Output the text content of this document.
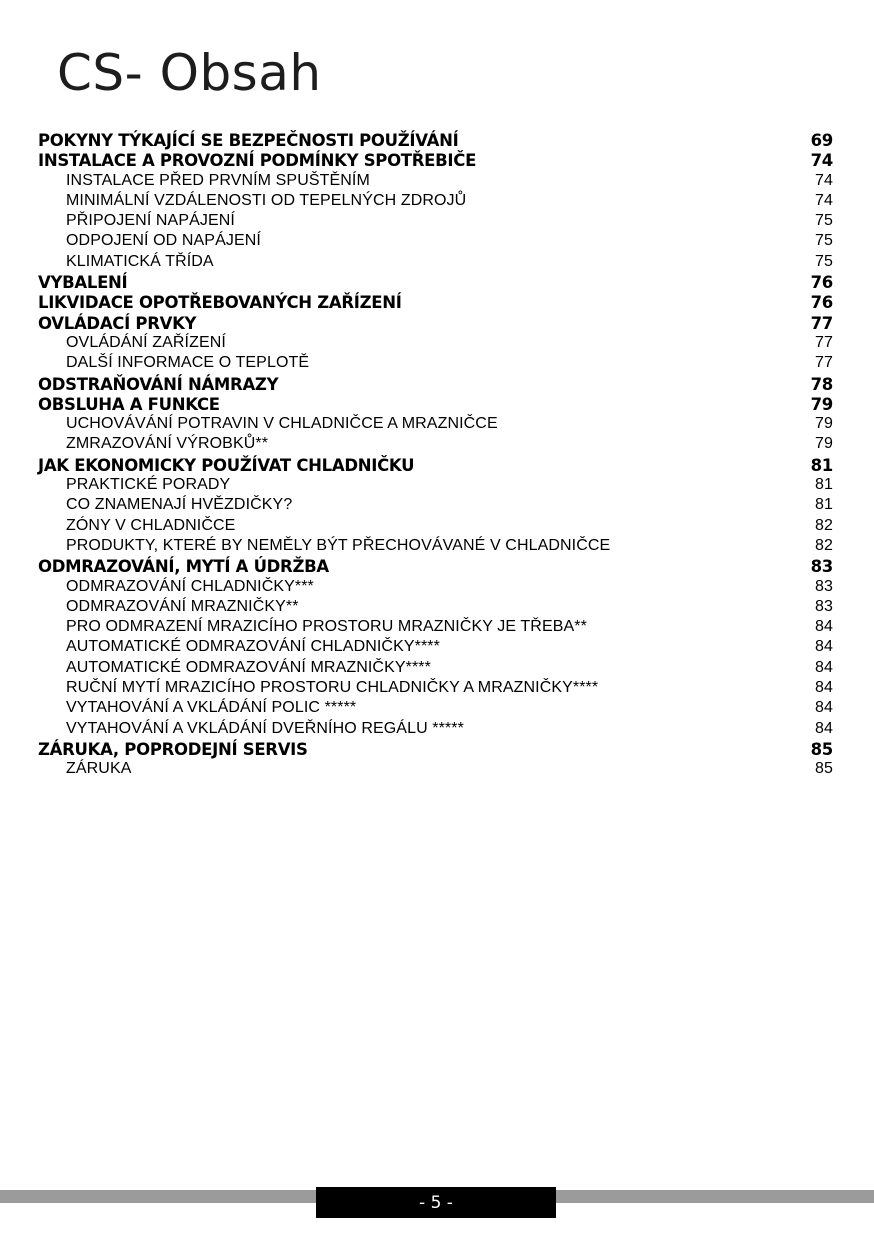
CS- Obsah
POKYNY TÝKAJÍCÍ SE BEZPEČNOSTI POUŽÍVÁNÍ	69
INSTALACE A PROVOZNÍ PODMÍNKY SPOTŘEBIČE	74
INSTALACE PŘED PRVNÍM SPUŠTĚNÍM	74
MINIMÁLNÍ VZDÁLENOSTI OD TEPELNÝCH ZDROJŮ	74
PŘIPOJENÍ NAPÁJENÍ	75
ODPOJENÍ OD NAPÁJENÍ	75
KLIMATICKÁ TŘÍDA	75
VYBALENÍ	76
LIKVIDACE OPOTŘEBOVANÝCH ZAŘÍZENÍ	76
OVLÁDACÍ PRVKY	77
OVLÁDÁNÍ ZAŘÍZENÍ	77
DALŠÍ INFORMACE O TEPLOTĚ	77
ODSTRAŇOVÁNÍ NÁMRAZY	78
OBSLUHA A FUNKCE	79
UCHOVÁVÁNÍ POTRAVIN V CHLADNIČCE A MRAZNIČCE	79
ZMRAZOVÁNÍ VÝROBKŮ**	79
JAK EKONOMICKY POUŽÍVAT CHLADNIČKU	81
PRAKTICKÉ PORADY	81
CO ZNAMENAJÍ HVĚZDIČKY?	81
ZÓNY V CHLADNIČCE	82
PRODUKTY, KTERÉ BY NEMĚLY BÝT PŘECHOVÁVANÉ V CHLADNIČCE	82
ODMRAZOVÁNÍ, MYTÍ A ÚDRŽBA	83
ODMRAZOVÁNÍ CHLADNIČKY***	83
ODMRAZOVÁNÍ MRAZNIČKY**	83
PRO ODMRAZENÍ MRAZICÍHO PROSTORU MRAZNIČKY JE TŘEBA**	84
AUTOMATICKÉ ODMRAZOVÁNÍ CHLADNIČKY****	84
AUTOMATICKÉ ODMRAZOVÁNÍ MRAZNIČKY****	84
RUČNÍ MYTÍ MRAZICÍHO PROSTORU CHLADNIČKY A MRAZNIČKY****	84
VYTAHOVÁNÍ A VKLÁDÁNÍ POLIC *****	84
VYTAHOVÁNÍ A VKLÁDÁNÍ DVEŘNÍHO REGÁLU *****	84
ZÁRUKA, POPRODEJNÍ SERVIS	85
ZÁRUKA	85
- 5 -
